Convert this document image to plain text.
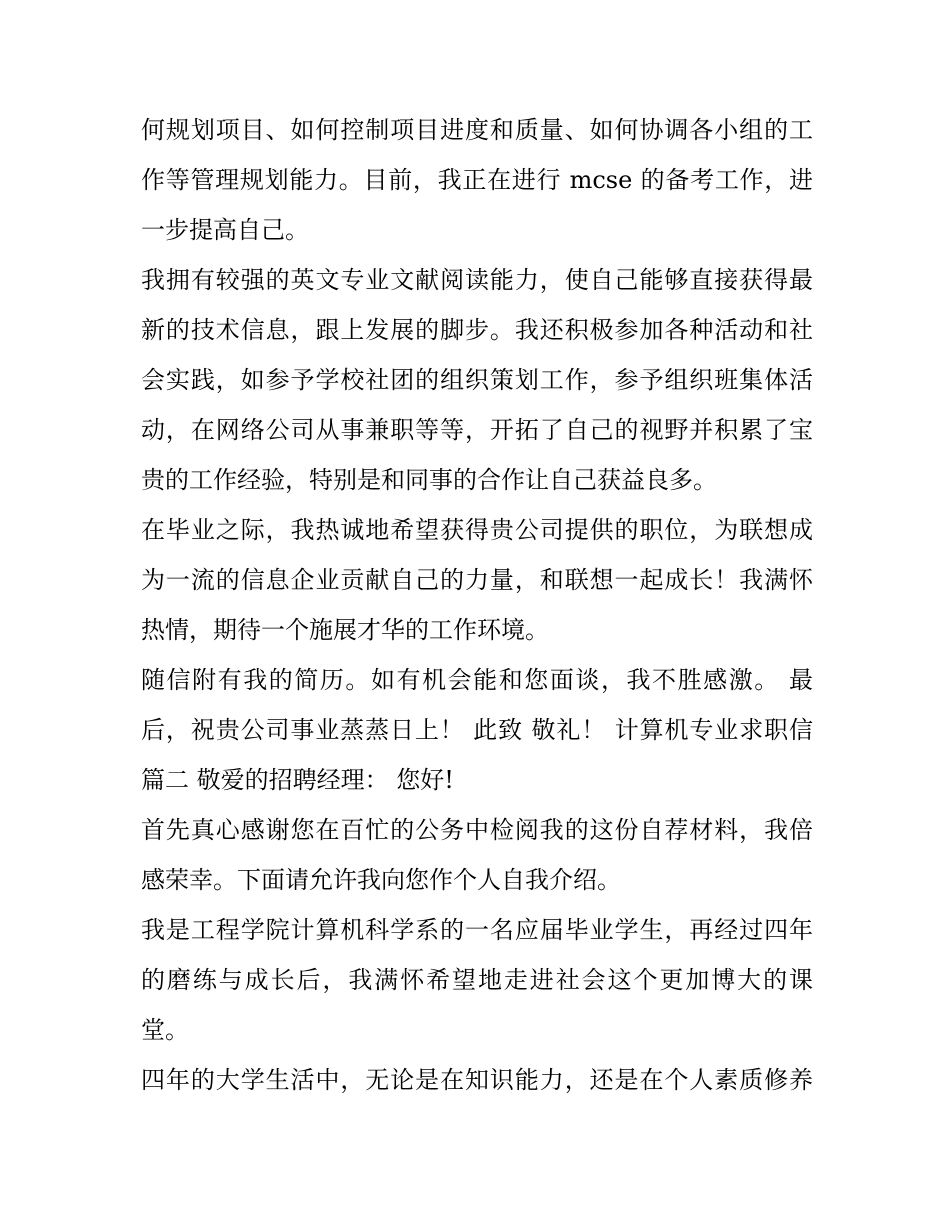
何规划项目、如何控制项目进度和质量、如何协调各小组的工
作等管理规划能力。目前，我正在进行 mcse 的备考工作，进
一步提高自己。
我拥有较强的英文专业文献阅读能力，使自己能够直接获得最
新的技术信息，跟上发展的脚步。我还积极参加各种活动和社
会实践，如参予学校社团的组织策划工作，参予组织班集体活
动，在网络公司从事兼职等等，开拓了自己的视野并积累了宝
贵的工作经验，特别是和同事的合作让自己获益良多。
在毕业之际，我热诚地希望获得贵公司提供的职位，为联想成
为一流的信息企业贡献自己的力量，和联想一起成长！我满怀
热情，期待一个施展才华的工作环境。
随信附有我的简历。如有机会能和您面谈，我不胜感激。 最
后，祝贵公司事业蒸蒸日上！ 此致 敬礼！ 计算机专业求职信
篇二 敬爱的招聘经理： 您好!
首先真心感谢您在百忙的公务中检阅我的这份自荐材料，我倍
感荣幸。下面请允许我向您作个人自我介绍。
我是工程学院计算机科学系的一名应届毕业学生，再经过四年
的磨练与成长后，我满怀希望地走进社会这个更加博大的课
堂。
四年的大学生活中，无论是在知识能力，还是在个人素质修养
